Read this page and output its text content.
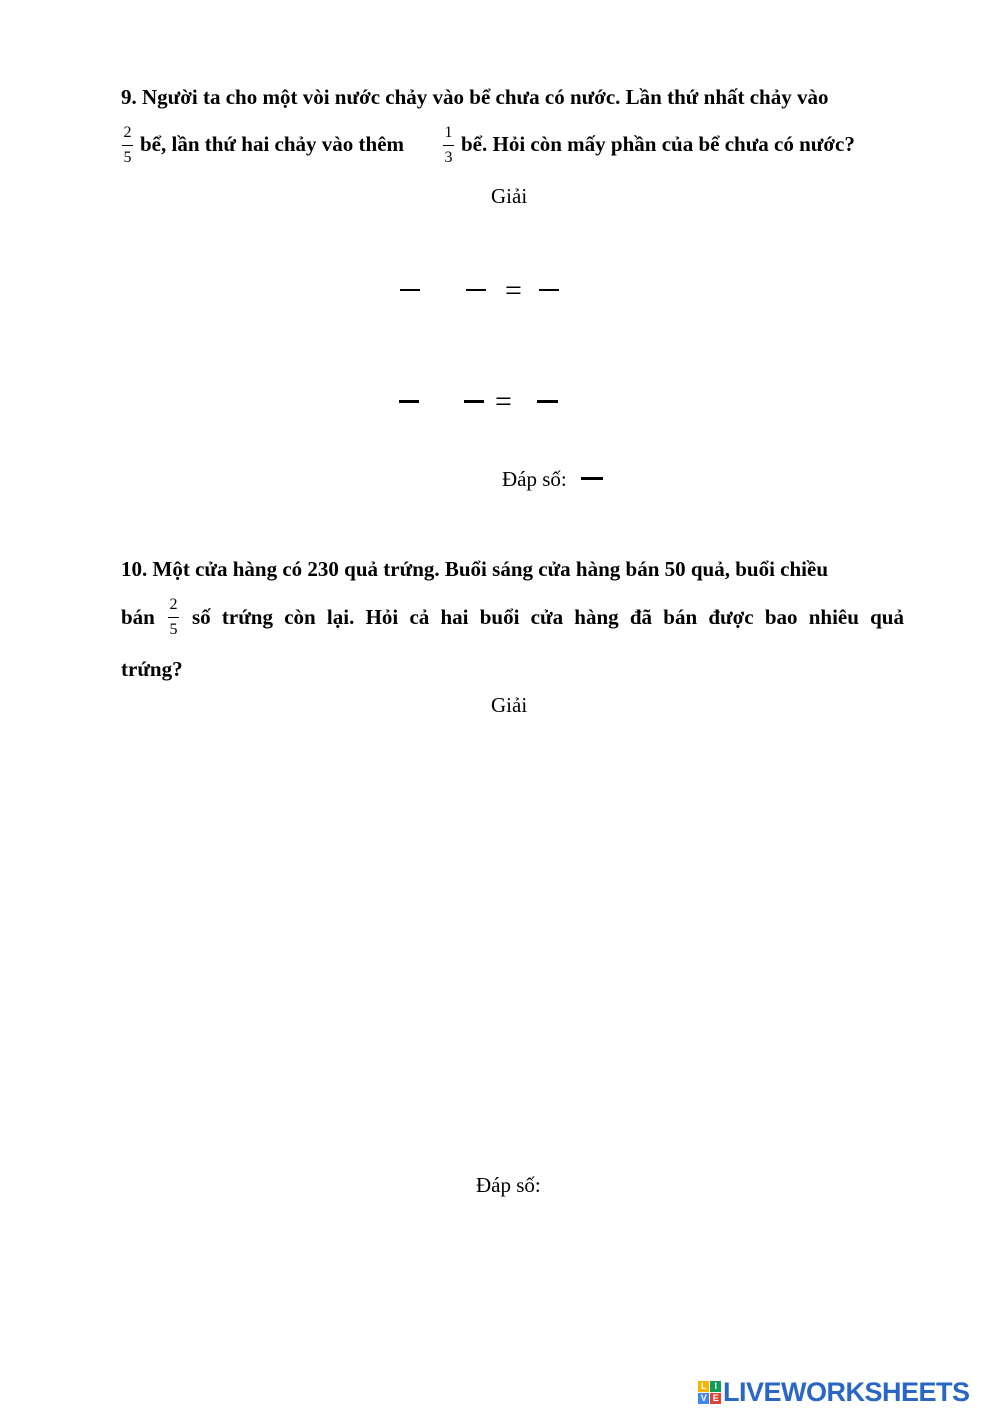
9. Người ta cho một vòi nước chảy vào bể chưa có nước. Lần thứ nhất chảy vào
2
5
bể, lần thứ hai chảy vào thêm	1
3
bể. Hỏi còn mấy phần của bể chưa có nước?
Giải
=
=
Đáp số:
10. Một cửa hàng có 230 quả trứng. Buổi sáng cửa hàng bán 50 quả, buổi chiều
bán
2
5
số trứng còn lại. Hỏi cả hai buổi cửa hàng đã bán được bao nhiêu quả
trứng?
Giải
Đáp số:
L I
V E LIVEWORKSHEETS
